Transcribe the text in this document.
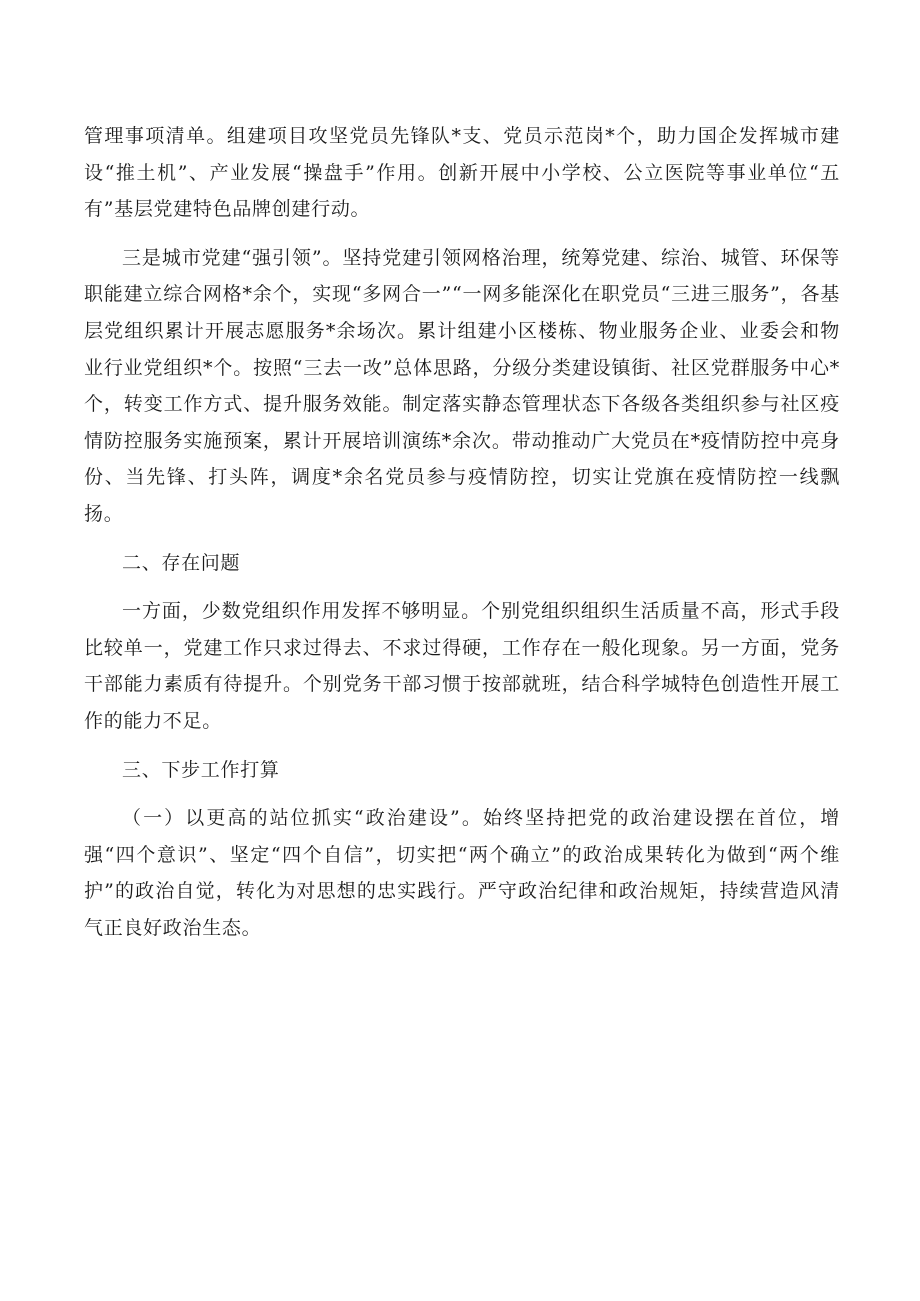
管理事项清单。组建项目攻坚党员先锋队*支、党员示范岗*个，助力国企发挥城市建设“推土机”、产业发展“操盘手”作用。创新开展中小学校、公立医院等事业单位“五有”基层党建特色品牌创建行动。

三是城市党建“强引领”。坚持党建引领网格治理，统筹党建、综治、城管、环保等职能建立综合网格*余个，实现“多网合一”“一网多能深化在职党员“三进三服务”，各基层党组织累计开展志愿服务*余场次。累计组建小区楼栋、物业服务企业、业委会和物业行业党组织*个。按照“三去一改”总体思路，分级分类建设镇街、社区党群服务中心*个，转变工作方式、提升服务效能。制定落实静态管理状态下各级各类组织参与社区疫情防控服务实施预案，累计开展培训演练*余次。带动推动广大党员在*疫情防控中亮身份、当先锋、打头阵，调度*余名党员参与疫情防控，切实让党旗在疫情防控一线飘扬。

二、存在问题

一方面，少数党组织作用发挥不够明显。个别党组织组织生活质量不高，形式手段比较单一，党建工作只求过得去、不求过得硬，工作存在一般化现象。另一方面，党务干部能力素质有待提升。个别党务干部习惯于按部就班，结合科学城特色创造性开展工作的能力不足。

三、下步工作打算

（一）以更高的站位抓实“政治建设”。始终坚持把党的政治建设摆在首位，增强“四个意识”、坚定“四个自信”，切实把“两个确立”的政治成果转化为做到“两个维护”的政治自觉，转化为对思想的忠实践行。严守政治纪律和政治规矩，持续营造风清气正良好政治生态。
